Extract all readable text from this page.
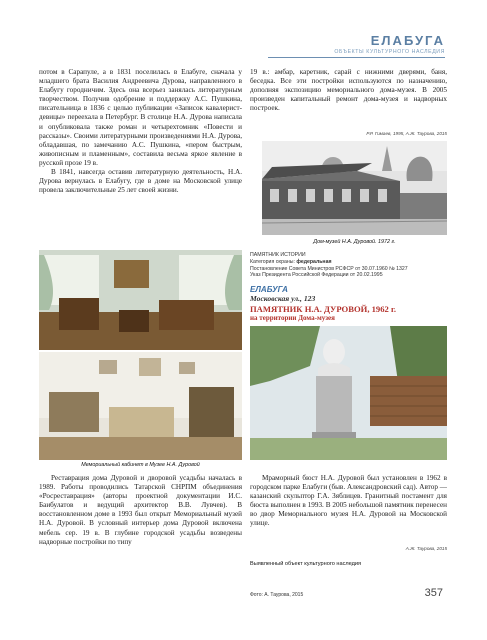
ЕЛАБУГА
ОБЪЕКТЫ КУЛЬТУРНОГО НАСЛЕДИЯ

потом в Сарапуле, а в 1831 поселилась в Елабуге, сначала у младшего брата Василия Андреевича Дурова, направленного в Елабугу городничим. Здесь она всерьез занялась литературным творчеством. Получив одобрение и поддержку А.С. Пушкина, писательница в 1836 с целью публикации «Записок кавалерист-девицы» переехала в Петербург. В столице Н.А. Дурова написала и опубликовала также роман и четырехтомник «Повести и рассказы». Своими литературными произведениями Н.А. Дурова, обладавшая, по замечанию А.С. Пушкина, «пером быстрым, живописным и пламенным», составила весьма яркое явление в русской прозе 19 в.

В 1841, навсегда оставив литературную деятельность, Н.А. Дурова вернулась в Елабугу, где в доме на Московской улице провела заключительные 25 лет своей жизни.

19 в.: амбар, каретник, сарай с нижними дверями, баня, беседка. Все эти постройки используются по назначению, дополняя экспозицию мемориального дома-музея. В 2005 произведен капитальный ремонт дома-музея и надворных построек.

Р.Р. Гимаев, 1995, А.Ж. Таурова, 2015
Дом-музей Н.А. Дуровой. 1972 г.
ПАМЯТНИК ИСТОРИИ
Категория охраны: федеральная
Постановление Совета Министров РСФСР от 30.07.1960 № 1327
Указ Президента Российской Федерации от 20.02.1995
ЕЛАБУГА
Московская ул., 123
ПАМЯТНИК Н.А. ДУРОВОЙ, 1962 г.
на территории Дома-музея
Мемориальный кабинет в Музее Н.А. Дуровой

Реставрация дома Дуровой и дворовой усадьбы началась в 1989. Работы проводились Татарской СНРПМ объединения «Росреставрация» (авторы проектной документации И.С. Баибулатов и ведущий архитектор В.В. Лувчев). В восстановленном доме в 1993 был открыт Мемориальный музей Н.А. Дуровой. В условный интерьер дома Дуровой включена мебель сер. 19 в. В глубине городской усадьбы возведены надворные постройки по типу

Мраморный бюст Н.А. Дуровой был установлен в 1962 в городском парке Елабуги (быв. Александровский сад). Автор — казанский скульптор Г.А. Зяблицев. Гранитный постамент для бюста выполнен в 1993. В 2005 небольшой памятник перенесен во двор Мемориального музея Н.А. Дуровой на Московской улице.

А.Ж. Таурова, 2015
Выявленный объект культурного наследия
Фото: А. Таурова, 2015	357
